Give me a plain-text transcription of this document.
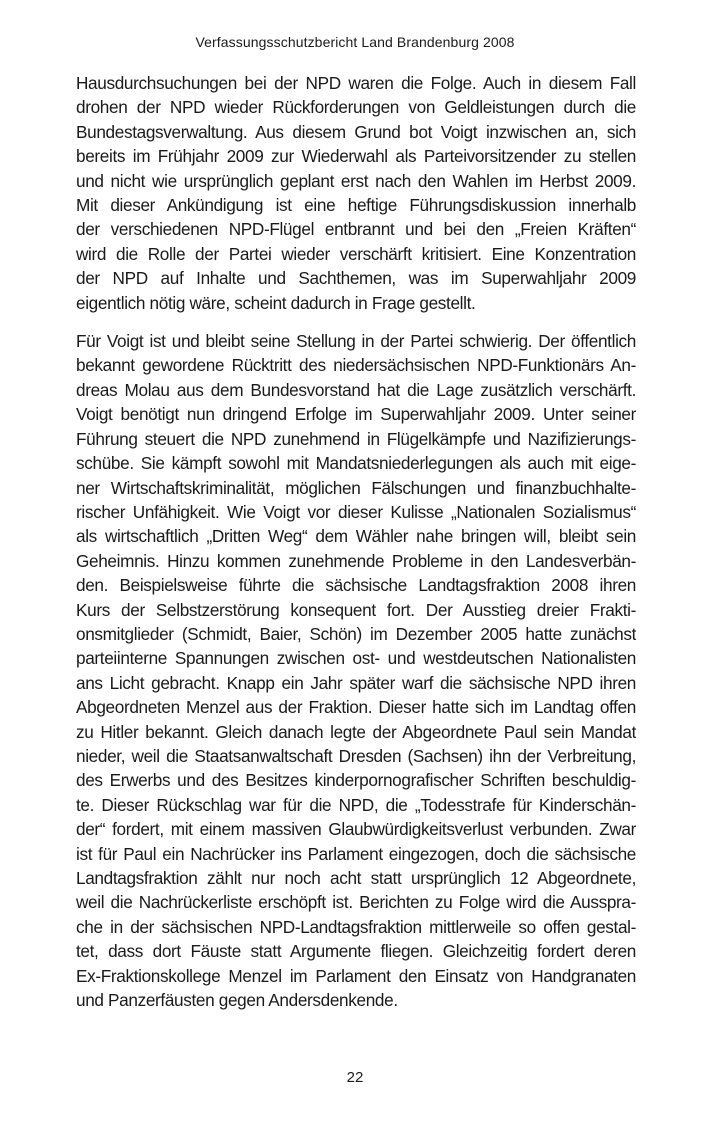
Verfassungsschutzbericht Land Brandenburg 2008

Hausdurchsuchungen bei der NPD waren die Folge. Auch in diesem Fall
drohen der NPD wieder Rückforderungen von Geldleistungen durch die
Bundestagsverwaltung. Aus diesem Grund bot Voigt inzwischen an, sich
bereits im Frühjahr 2009 zur Wiederwahl als Parteivorsitzender zu stellen
und nicht wie ursprünglich geplant erst nach den Wahlen im Herbst 2009.
Mit dieser Ankündigung ist eine heftige Führungsdiskussion innerhalb
der verschiedenen NPD-Flügel entbrannt und bei den „Freien Kräften“
wird die Rolle der Partei wieder verschärft kritisiert. Eine Konzentration
der NPD auf Inhalte und Sachthemen, was im Superwahljahr 2009
eigentlich nötig wäre, scheint dadurch in Frage gestellt.

Für Voigt ist und bleibt seine Stellung in der Partei schwierig. Der öffentlich
bekannt gewordene Rücktritt des niedersächsischen NPD-Funktionärs An-
dreas Molau aus dem Bundesvorstand hat die Lage zusätzlich verschärft.
Voigt benötigt nun dringend Erfolge im Superwahljahr 2009. Unter seiner
Führung steuert die NPD zunehmend in Flügelkämpfe und Nazifizierungs-
schübe. Sie kämpft sowohl mit Mandatsniederlegungen als auch mit eige-
ner Wirtschaftskriminalität, möglichen Fälschungen und finanzbuchhalte-
rischer Unfähigkeit. Wie Voigt vor dieser Kulisse „Nationalen Sozialismus“
als wirtschaftlich „Dritten Weg“ dem Wähler nahe bringen will, bleibt sein
Geheimnis. Hinzu kommen zunehmende Probleme in den Landesverbän-
den. Beispielsweise führte die sächsische Landtagsfraktion 2008 ihren
Kurs der Selbstzerstörung konsequent fort. Der Ausstieg dreier Frakti-
onsmitglieder (Schmidt, Baier, Schön) im Dezember 2005 hatte zunächst
parteiinterne Spannungen zwischen ost- und westdeutschen Nationalisten
ans Licht gebracht. Knapp ein Jahr später warf die sächsische NPD ihren
Abgeordneten Menzel aus der Fraktion. Dieser hatte sich im Landtag offen
zu Hitler bekannt. Gleich danach legte der Abgeordnete Paul sein Mandat
nieder, weil die Staatsanwaltschaft Dresden (Sachsen) ihn der Verbreitung,
des Erwerbs und des Besitzes kinderpornografischer Schriften beschuldig-
te. Dieser Rückschlag war für die NPD, die „Todesstrafe für Kinderschän-
der“ fordert, mit einem massiven Glaubwürdigkeitsverlust verbunden. Zwar
ist für Paul ein Nachrücker ins Parlament eingezogen, doch die sächsische
Landtagsfraktion zählt nur noch acht statt ursprünglich 12 Abgeordnete,
weil die Nachrückerliste erschöpft ist. Berichten zu Folge wird die Ausspra-
che in der sächsischen NPD-Landtagsfraktion mittlerweile so offen gestal-
tet, dass dort Fäuste statt Argumente fliegen. Gleichzeitig fordert deren
Ex-Fraktionskollege Menzel im Parlament den Einsatz von Handgranaten
und Panzerfäusten gegen Andersdenkende.

22
